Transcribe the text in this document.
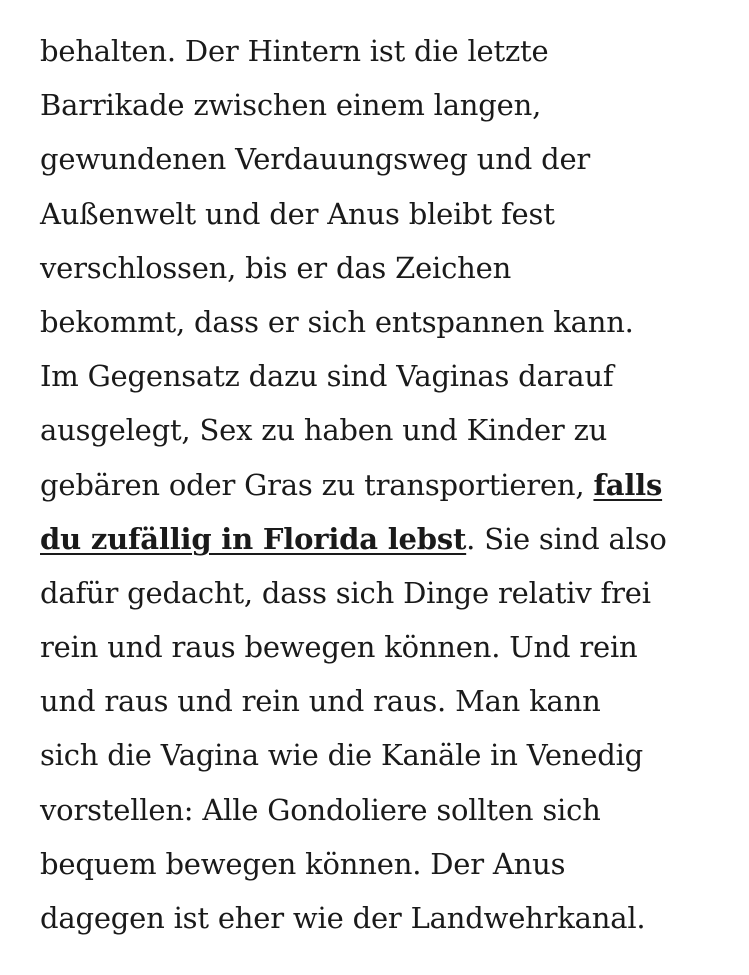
behalten. Der Hintern ist die letzte
Barrikade zwischen einem langen,
gewundenen Verdauungsweg und der
Außenwelt und der Anus bleibt fest
verschlossen, bis er das Zeichen
bekommt, dass er sich entspannen kann.
Im Gegensatz dazu sind Vaginas darauf
ausgelegt, Sex zu haben und Kinder zu
gebären oder Gras zu transportieren, falls
du zufällig in Florida lebst. Sie sind also
dafür gedacht, dass sich Dinge relativ frei
rein und raus bewegen können. Und rein
und raus und rein und raus. Man kann
sich die Vagina wie die Kanäle in Venedig
vorstellen: Alle Gondoliere sollten sich
bequem bewegen können. Der Anus
dagegen ist eher wie der Landwehrkanal.
